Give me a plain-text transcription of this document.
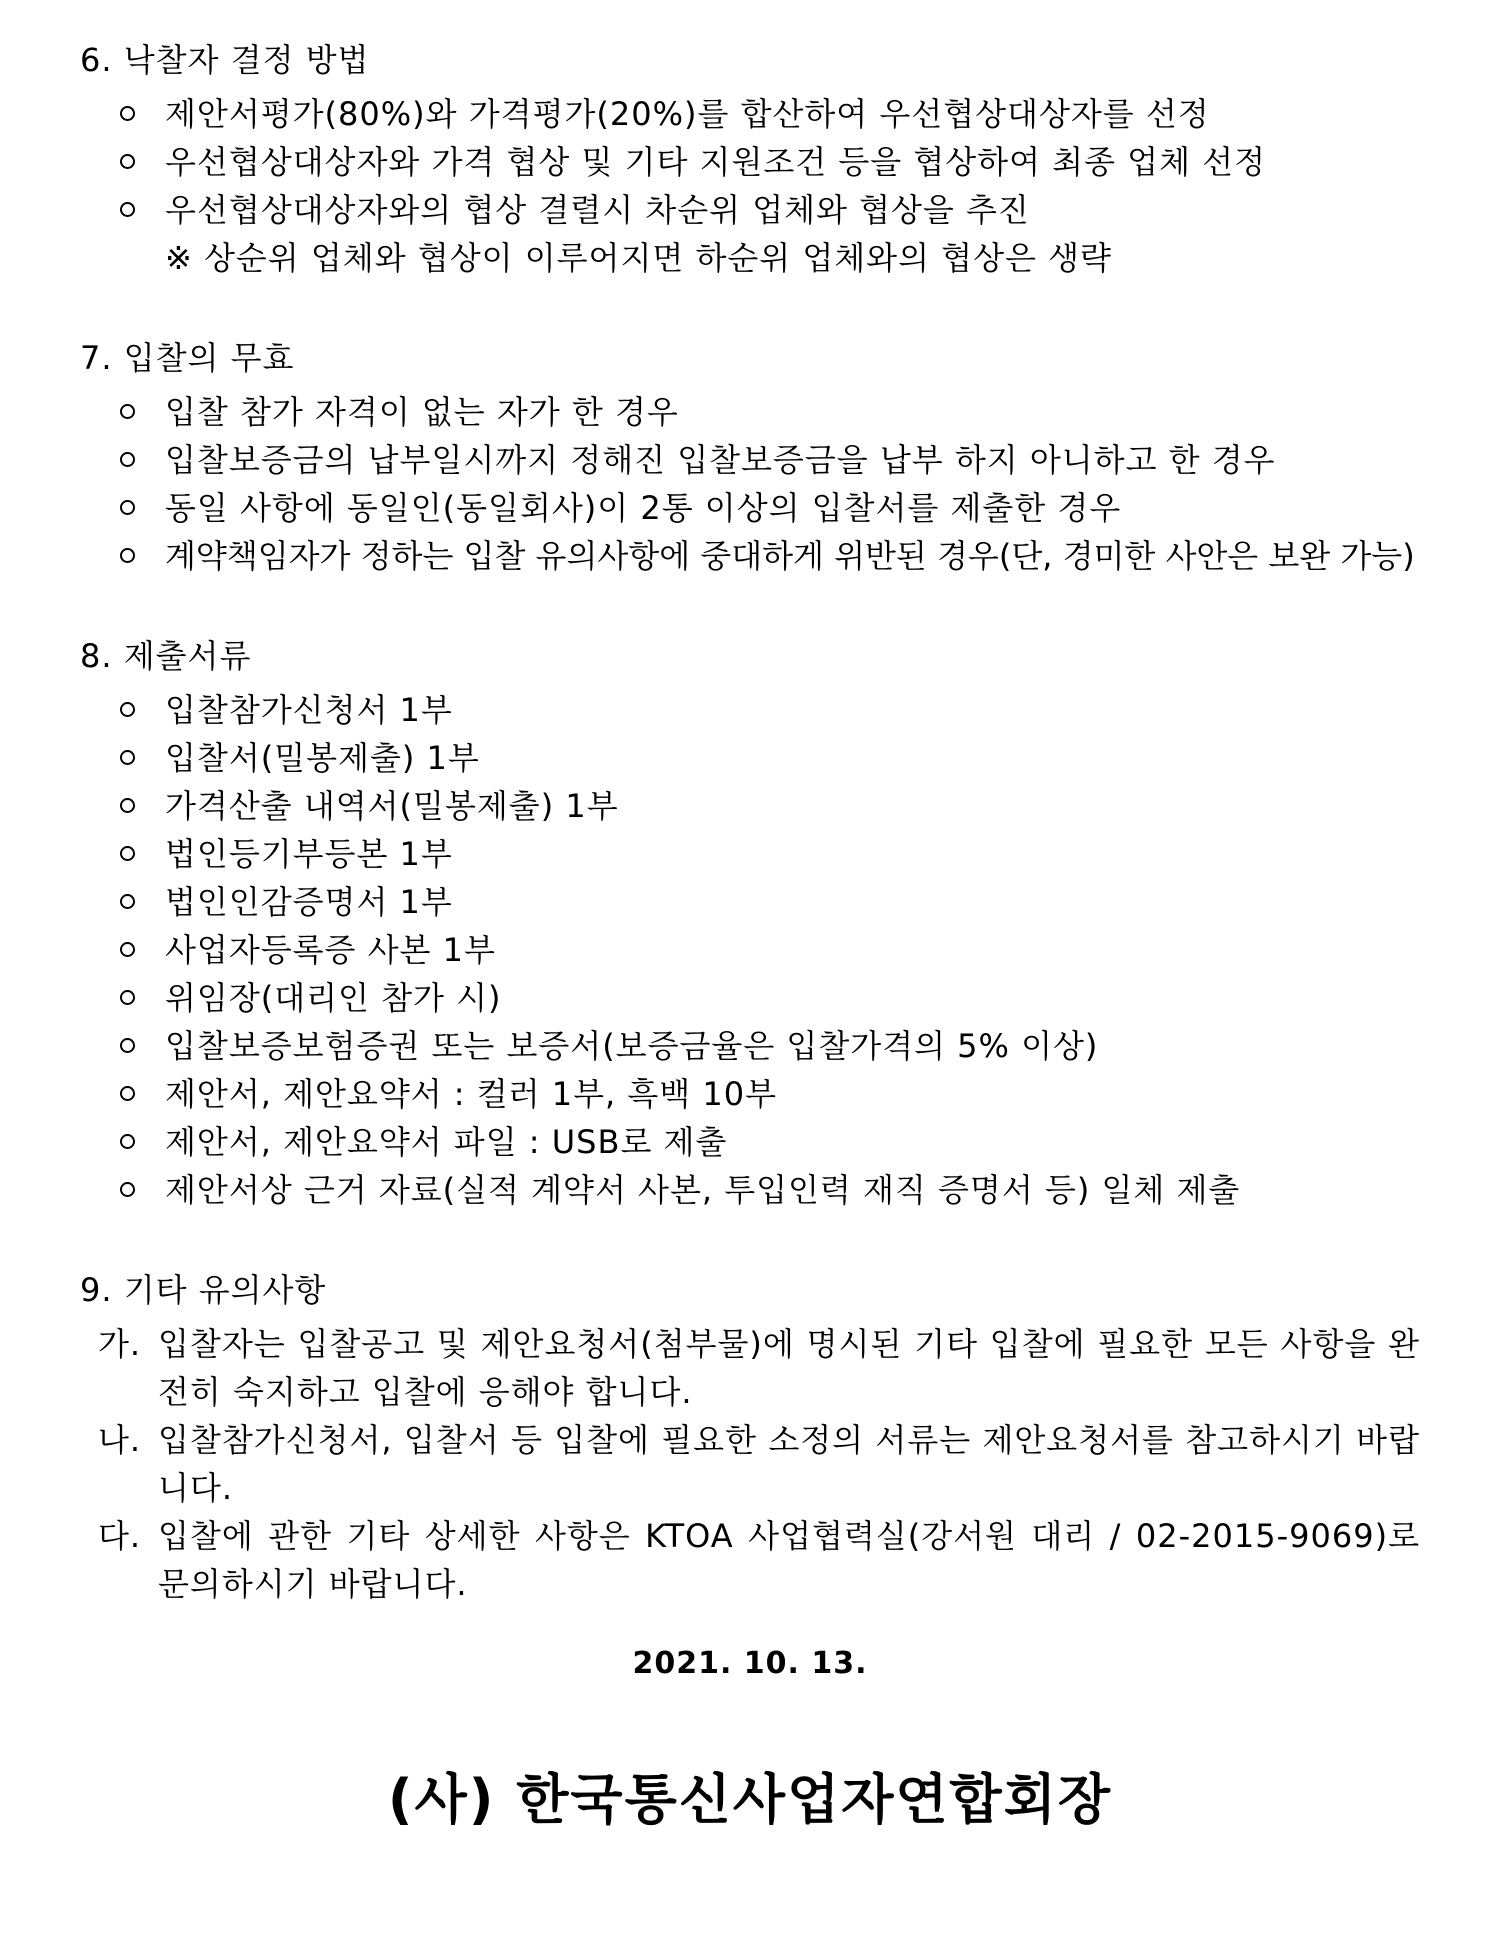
6. 낙찰자 결정 방법
제안서평가(80%)와 가격평가(20%)를 합산하여 우선협상대상자를 선정
우선협상대상자와 가격 협상 및 기타 지원조건 등을 협상하여 최종 업체 선정
우선협상대상자와의 협상 결렬시 차순위 업체와 협상을 추진
※ 상순위 업체와 협상이 이루어지면 하순위 업체와의 협상은 생략
7. 입찰의 무효
입찰 참가 자격이 없는 자가 한 경우
입찰보증금의 납부일시까지 정해진 입찰보증금을 납부 하지 아니하고 한 경우
동일 사항에 동일인(동일회사)이 2통 이상의 입찰서를 제출한 경우
계약책임자가 정하는 입찰 유의사항에 중대하게 위반된 경우(단, 경미한 사안은 보완 가능)
8. 제출서류
입찰참가신청서 1부
입찰서(밀봉제출) 1부
가격산출 내역서(밀봉제출) 1부
법인등기부등본 1부
법인인감증명서 1부
사업자등록증 사본 1부
위임장(대리인 참가 시)
입찰보증보험증권 또는 보증서(보증금율은 입찰가격의 5% 이상)
제안서, 제안요약서 : 컬러 1부, 흑백 10부
제안서, 제안요약서 파일 : USB로 제출
제안서상 근거 자료(실적 계약서 사본, 투입인력 재직 증명서 등) 일체 제출
9. 기타 유의사항
가. 입찰자는 입찰공고 및 제안요청서(첨부물)에 명시된 기타 입찰에 필요한 모든 사항을 완전히 숙지하고 입찰에 응해야 합니다.
나. 입찰참가신청서, 입찰서 등 입찰에 필요한 소정의 서류는 제안요청서를 참고하시기 바랍니다.
다. 입찰에 관한 기타 상세한 사항은 KTOA 사업협력실(강서원 대리 / 02-2015-9069)로 문의하시기 바랍니다.
2021. 10. 13.
(사) 한국통신사업자연합회장
